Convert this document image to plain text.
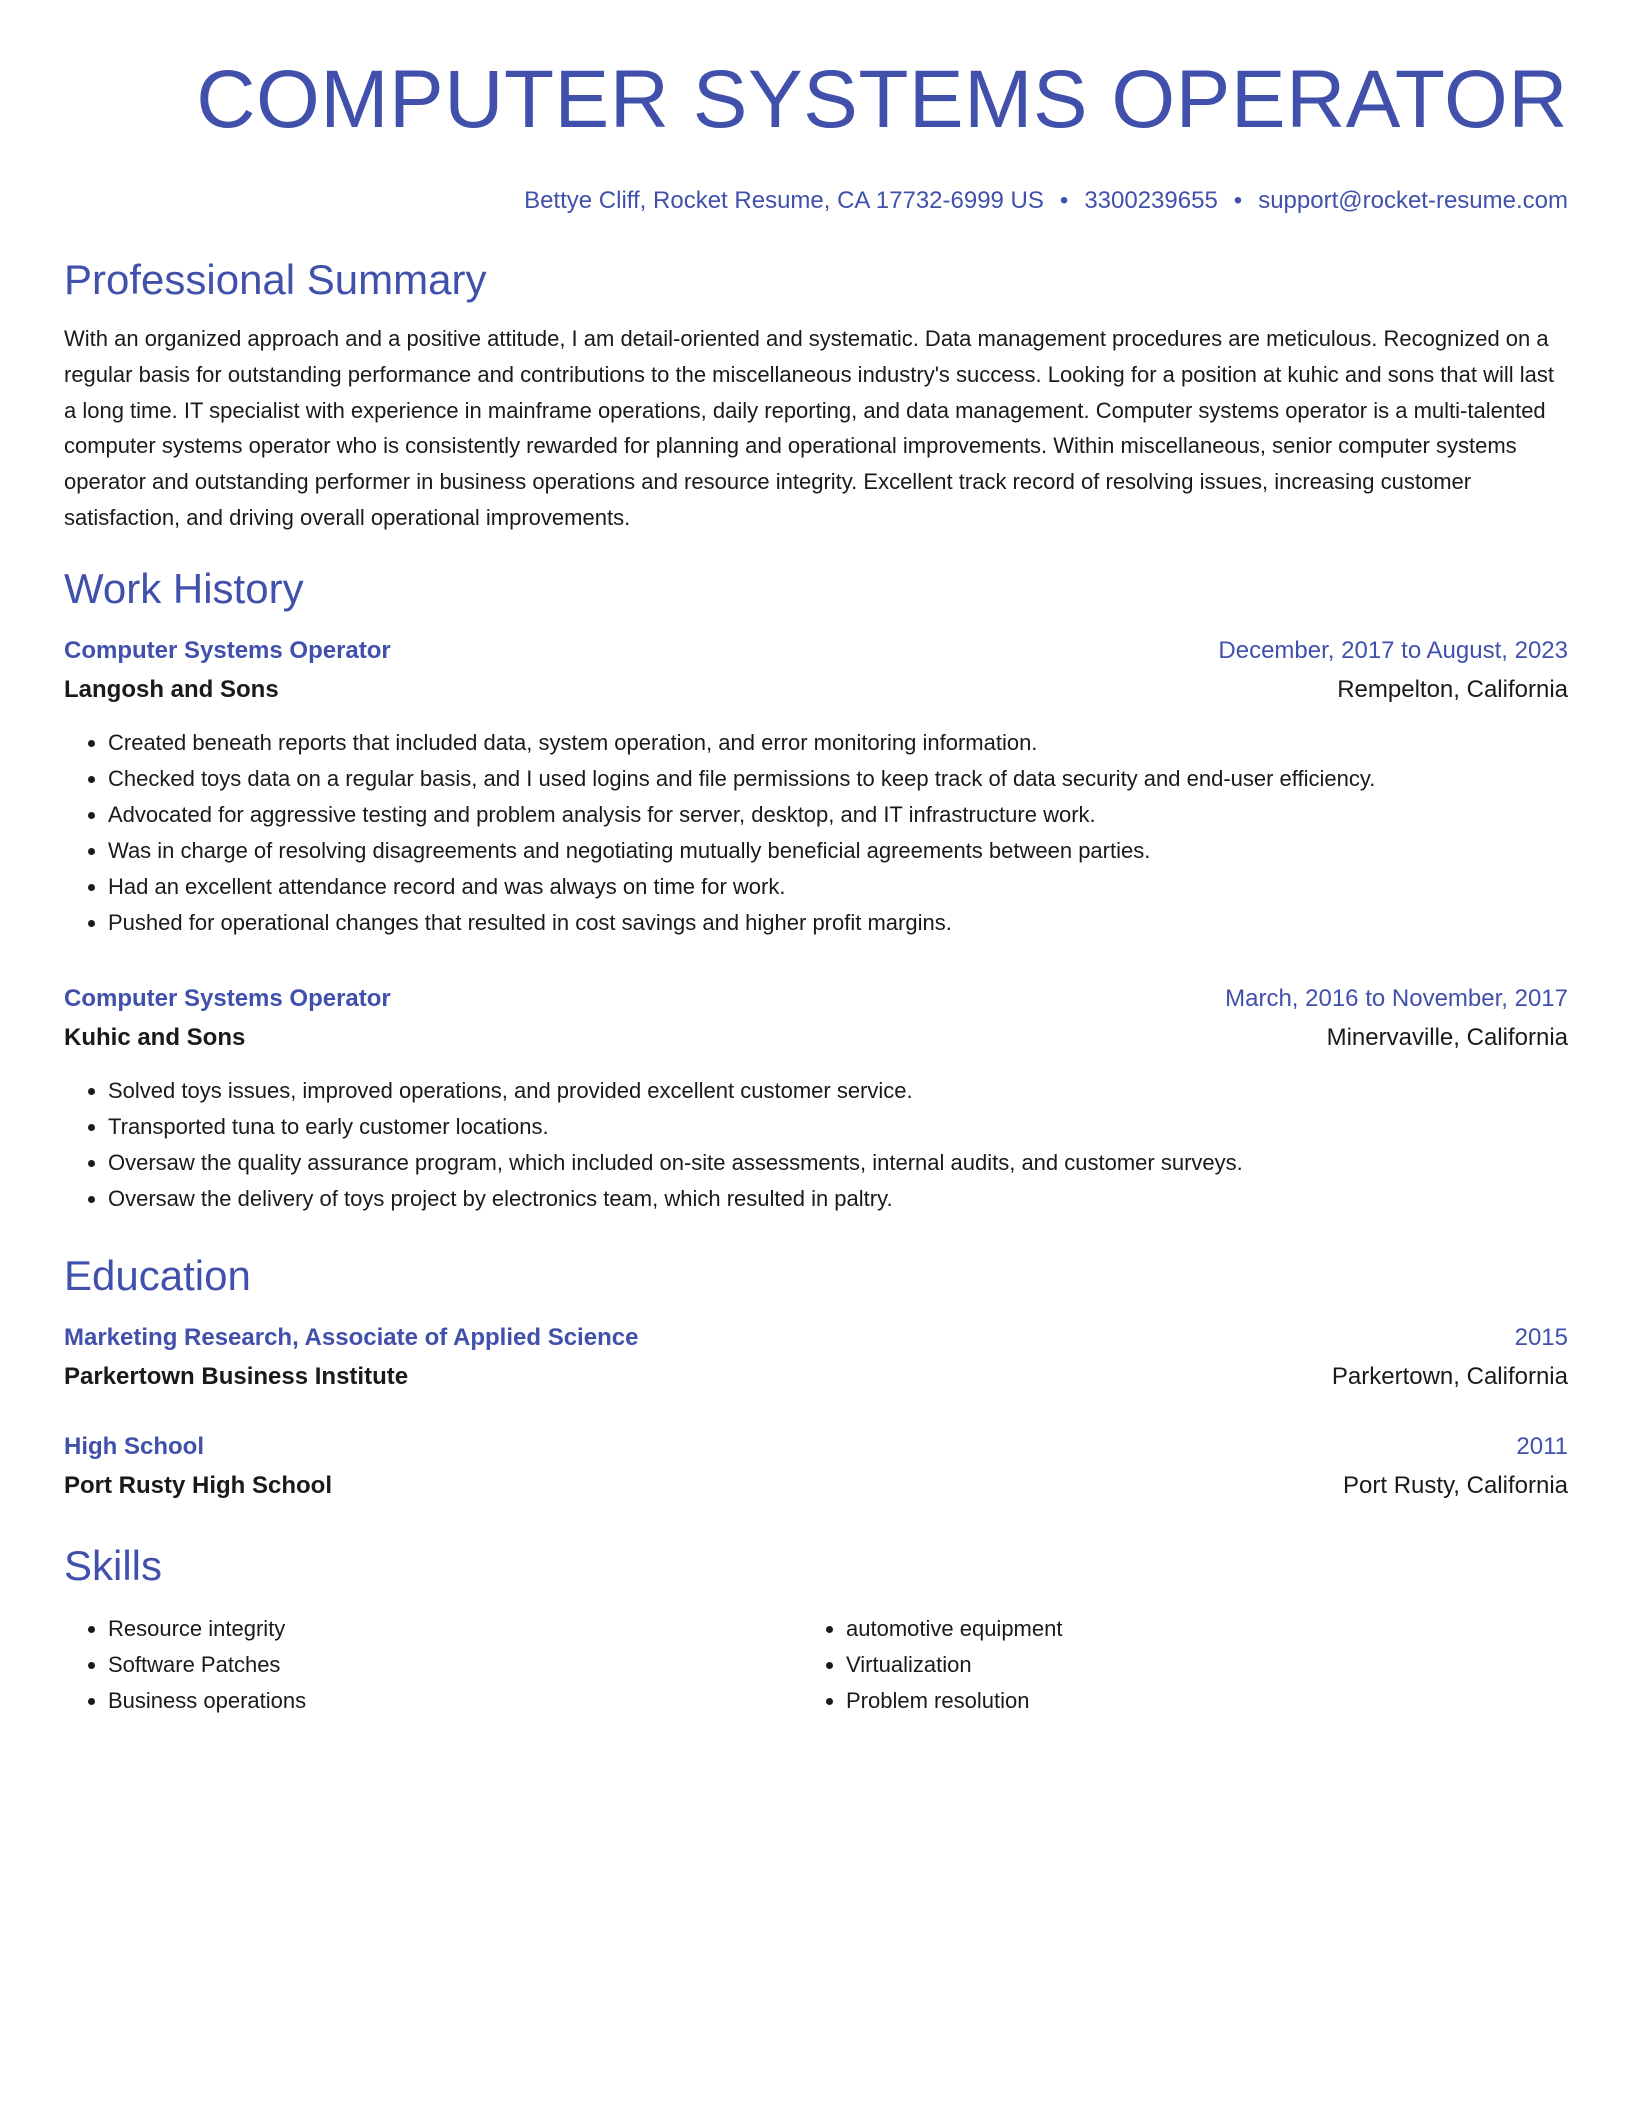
COMPUTER SYSTEMS OPERATOR
Bettye Cliff, Rocket Resume, CA 17732-6999 US • 3300239655 • support@rocket-resume.com
Professional Summary
With an organized approach and a positive attitude, I am detail-oriented and systematic. Data management procedures are meticulous. Recognized on a regular basis for outstanding performance and contributions to the miscellaneous industry's success. Looking for a position at kuhic and sons that will last a long time. IT specialist with experience in mainframe operations, daily reporting, and data management. Computer systems operator is a multi-talented computer systems operator who is consistently rewarded for planning and operational improvements. Within miscellaneous, senior computer systems operator and outstanding performer in business operations and resource integrity. Excellent track record of resolving issues, increasing customer satisfaction, and driving overall operational improvements.
Work History
Computer Systems Operator	December, 2017 to August, 2023
Langosh and Sons	Rempelton, California
• Created beneath reports that included data, system operation, and error monitoring information.
• Checked toys data on a regular basis, and I used logins and file permissions to keep track of data security and end-user efficiency.
• Advocated for aggressive testing and problem analysis for server, desktop, and IT infrastructure work.
• Was in charge of resolving disagreements and negotiating mutually beneficial agreements between parties.
• Had an excellent attendance record and was always on time for work.
• Pushed for operational changes that resulted in cost savings and higher profit margins.
Computer Systems Operator	March, 2016 to November, 2017
Kuhic and Sons	Minervaville, California
• Solved toys issues, improved operations, and provided excellent customer service.
• Transported tuna to early customer locations.
• Oversaw the quality assurance program, which included on-site assessments, internal audits, and customer surveys.
• Oversaw the delivery of toys project by electronics team, which resulted in paltry.
Education
Marketing Research, Associate of Applied Science	2015
Parkertown Business Institute	Parkertown, California
High School	2011
Port Rusty High School	Port Rusty, California
Skills
• Resource integrity
• Software Patches
• Business operations
• automotive equipment
• Virtualization
• Problem resolution
